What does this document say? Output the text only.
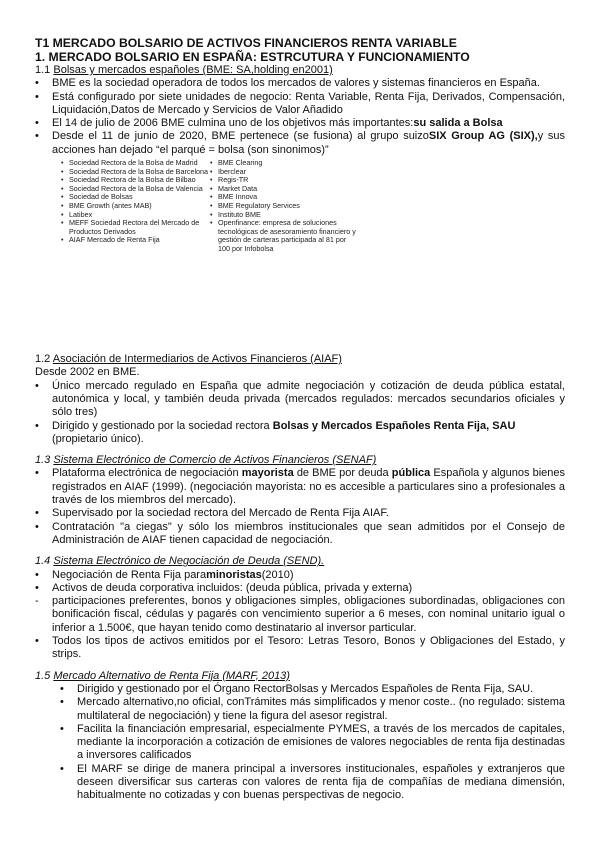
T1 MERCADO BOLSARIO DE ACTIVOS FINANCIEROS RENTA VARIABLE
1. MERCADO BOLSARIO EN ESPAÑA: ESTRCUTURA Y FUNCIONAMIENTO
1.1 Bolsas y mercados españoles (BME: SA,holding en2001)
• BME es la sociedad operadora de todos los mercados de valores y sistemas financieros en España.
• Está configurado por siete unidades de negocio: Renta Variable, Renta Fija, Derivados, Compensación, Liquidación,Datos de Mercado y Servicios de Valor Añadido
• El 14 de julio de 2006 BME culmina uno de los objetivos más importantes:su salida a Bolsa
• Desde el 11 de junio de 2020, BME pertenece (se fusiona) al grupo suizoSIX Group AG (SIX),y sus acciones han dejado “el parqué = bolsa (son sinonimos)”
• Sociedad Rectora de la Bolsa de Madrid
• Sociedad Rectora de la Bolsa de Barcelona
• Sociedad Rectora de la Bolsa de Bilbao
• Sociedad Rectora de la Bolsa de Valencia
• Sociedad de Bolsas
• BME Growth (antes MAB)
• Latibex
• MEFF Sociedad Rectora del Mercado de Productos Derivados
• AIAF Mercado de Renta Fija
• BME Clearing
• Iberclear
• Regis-TR
• Market Data
• BME Innova
• BME Regulatory Services
• Instituto BME
• Openfinance: empresa de soluciones tecnológicas de asesoramiento financiero y gestión de carteras participada al 81 por 100 por Infobolsa
1.2 Asociación de Intermediarios de Activos Financieros (AIAF)
Desde 2002 en BME.
• Único mercado regulado en España que admite negociación y cotización de deuda pública estatal, autonómica y local, y también deuda privada (mercados regulados: mercados secundarios oficiales y sólo tres)
• Dirigido y gestionado por la sociedad rectora Bolsas y Mercados Españoles Renta Fija, SAU
(propietario único).
1.3 Sistema Electrónico de Comercio de Activos Financieros (SENAF)
• Plataforma electrónica de negociación mayorista de BME por deuda pública Española y algunos bienes registrados en AIAF (1999). (negociación mayorista: no es accesible a particulares sino a profesionales a través de los miembros del mercado).
• Supervisado por la sociedad rectora del Mercado de Renta Fija AIAF.
• Contratación "a ciegas" y sólo los miembros institucionales que sean admitidos por el Consejo de Administración de AIAF tienen capacidad de negociación.
1.4 Sistema Electrónico de Negociación de Deuda (SEND).
• Negociación de Renta Fija paraminoristas(2010)
• Activos de deuda corporativa incluidos: (deuda pública, privada y externa)
- participaciones preferentes, bonos y obligaciones simples, obligaciones subordinadas, obligaciones con bonificación fiscal, cédulas y pagarés con vencimiento superior a 6 meses, con nominal unitario igual o inferior a 1.500€, que hayan tenido como destinatario al inversor particular.
• Todos los tipos de activos emitidos por el Tesoro: Letras Tesoro, Bonos y Obligaciones del Estado, y strips.
1.5 Mercado Alternativo de Renta Fija (MARF, 2013)
• Dirigido y gestionado por el Órgano RectorBolsas y Mercados Españoles de Renta Fija, SAU.
• Mercado alternativo,no oficial, conTrámites más simplificados y menor coste.. (no regulado: sistema multilateral de negociación) y tiene la figura del asesor registral.
• Facilita la financiación empresarial, especialmente PYMES, a través de los mercados de capitales, mediante la incorporación a cotización de emisiones de valores negociables de renta fija destinadas a inversores calificados
• El MARF se dirige de manera principal a inversores institucionales, españoles y extranjeros que deseen diversificar sus carteras con valores de renta fija de compañías de mediana dimensión, habitualmente no cotizadas y con buenas perspectivas de negocio.
